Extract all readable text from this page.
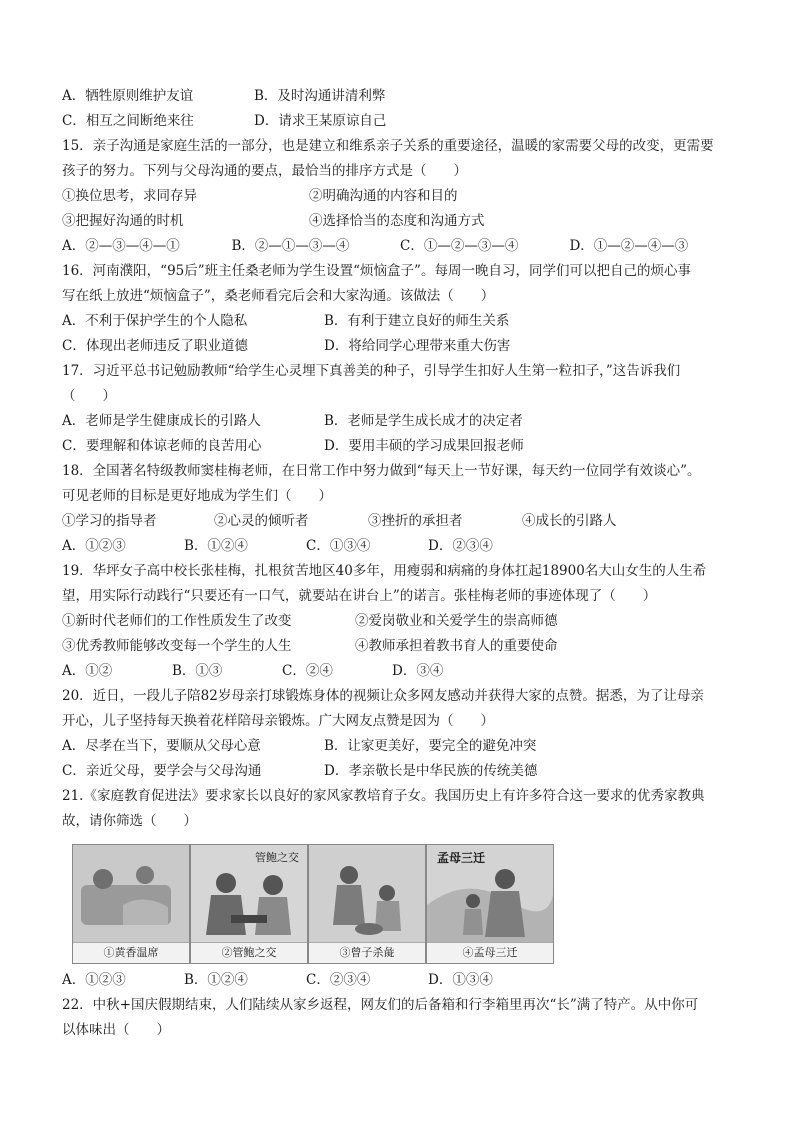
A．牺牲原则维护友谊	B．及时沟通讲清利弊
C．相互之间断绝来往	D．请求王某原谅自己
15．亲子沟通是家庭生活的一部分，也是建立和维系亲子关系的重要途径，温暖的家需要父母的改变，更需要
孩子的努力。下列与父母沟通的要点，最恰当的排序方式是（　　）
①换位思考，求同存异	②明确沟通的内容和目的
③把握好沟通的时机	④选择恰当的态度和沟通方式
A．②—③—④—①	B．②—①—③—④	C．①—②—③—④	D．①—②—④—③
16．河南濮阳，“95后”班主任桑老师为学生设置“烦恼盒子”。每周一晚自习，同学们可以把自己的烦心事
写在纸上放进“烦恼盒子”，桑老师看完后会和大家沟通。该做法（　　）
A．不利于保护学生的个人隐私	B．有利于建立良好的师生关系
C．体现出老师违反了职业道德	D．将给同学心理带来重大伤害
17．习近平总书记勉励教师“给学生心灵埋下真善美的种子，引导学生扣好人生第一粒扣子，”这告诉我们
（　　）
A．老师是学生健康成长的引路人	B．老师是学生成长成才的决定者
C．要理解和体谅老师的良苦用心	D．要用丰硕的学习成果回报老师
18．全国著名特级教师窦桂梅老师，在日常工作中努力做到“每天上一节好课，每天约一位同学有效谈心”。
可见老师的目标是更好地成为学生们（　　）
①学习的指导者	②心灵的倾听者	③挫折的承担者	④成长的引路人
A．①②③	B．①②④	C．①③④	D．②③④
19．华坪女子高中校长张桂梅，扎根贫苦地区40多年，用瘦弱和病痛的身体扛起18900名大山女生的人生希
望，用实际行动践行“只要还有一口气，就要站在讲台上”的诺言。张桂梅老师的事迹体现了（　　）
①新时代老师们的工作性质发生了改变	②爱岗敬业和关爱学生的崇高师德
③优秀教师能够改变每一个学生的人生	④教师承担着教书育人的重要使命
A．①②	B．①③	C．②④	D．③④
20．近日，一段儿子陪82岁母亲打球锻炼身体的视频让众多网友感动并获得大家的点赞。据悉，为了让母亲
开心，儿子坚持每天换着花样陪母亲锻炼。广大网友点赞是因为（　　）
A．尽孝在当下，要顺从父母心意	B．让家更美好，要完全的避免冲突
C．亲近父母，要学会与父母沟通	D．孝亲敬长是中华民族的传统美德
21.《家庭教育促进法》要求家长以良好的家风家教培育子女。我国历史上有许多符合这一要求的优秀家教典
故，请你筛选（　　）
①黄香温席
管鲍之交
②管鲍之交	③曾子杀彘
孟母三迁
④孟母三迁
A．①②③	B．①②④	C．②③④	D．①③④
22．中秋+国庆假期结束，人们陆续从家乡返程，网友们的后备箱和行李箱里再次“长”满了特产。从中你可
以体味出（　　）
